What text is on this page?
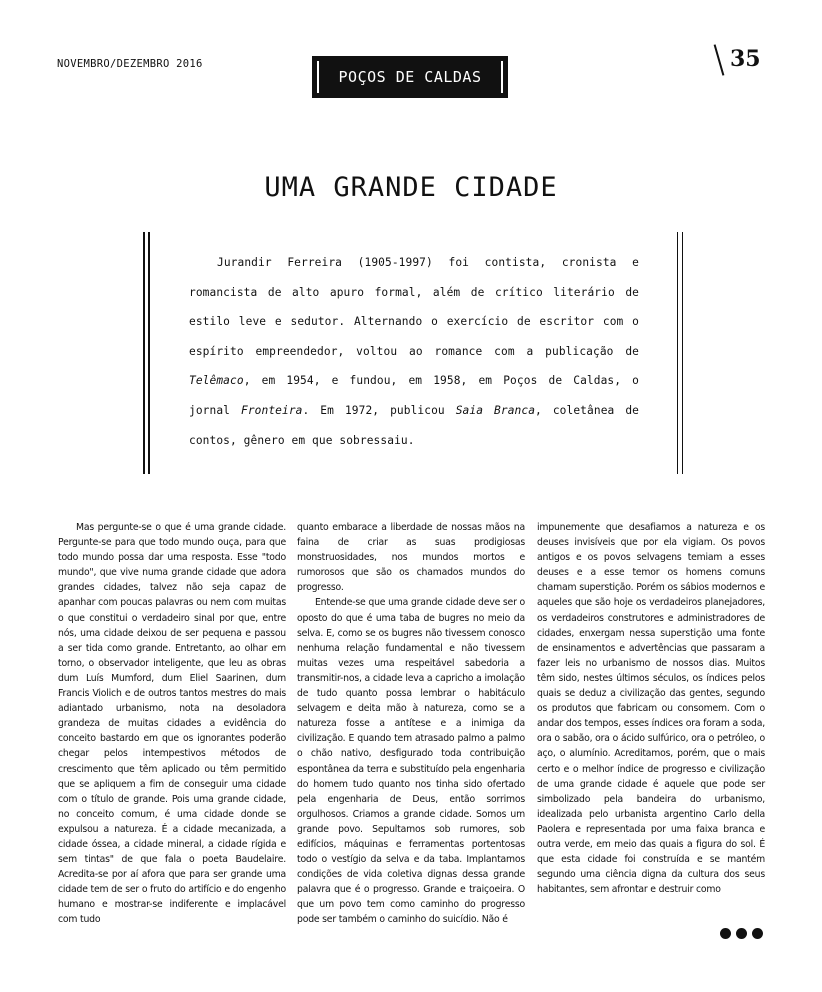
NOVEMBRO/DEZEMBRO 2016
POÇOS DE CALDAS
35
UMA GRANDE CIDADE

Jurandir Ferreira (1905-1997) foi contista, cronista e romancista de alto apuro formal, além de crítico literário de estilo leve e sedutor. Alternando o exercício de escritor com o espírito empreendedor, voltou ao romance com a publicação de Telêmaco, em 1954, e fundou, em 1958, em Poços de Caldas, o jornal Fronteira. Em 1972, publicou Saia Branca, coletânea de contos, gênero em que sobressaiu.

Mas pergunte-se o que é uma grande cidade. Pergunte-se para que todo mundo ouça, para que todo mundo possa dar uma resposta. Esse "todo mundo", que vive numa grande cidade que adora grandes cidades, talvez não seja capaz de apanhar com poucas palavras ou nem com muitas o que constitui o verdadeiro sinal por que, entre nós, uma cidade deixou de ser pequena e passou a ser tida como grande. Entretanto, ao olhar em torno, o observador inteligente, que leu as obras dum Luís Mumford, dum Eliel Saarinen, dum Francis Violich e de outros tantos mestres do mais adiantado urbanismo, nota na desoladora grandeza de muitas cidades a evidência do conceito bastardo em que os ignorantes poderão chegar pelos intempestivos métodos de crescimento que têm aplicado ou têm permitido que se apliquem a fim de conseguir uma cidade com o título de grande. Pois uma grande cidade, no conceito comum, é uma cidade donde se expulsou a natureza. É a cidade mecanizada, a cidade óssea, a cidade mineral, a cidade rígida e sem tintas" de que fala o poeta Baudelaire. Acredita-se por aí afora que para ser grande uma cidade tem de ser o fruto do artifício e do engenho humano e mostrar-se indiferente e implacável com tudo

quanto embarace a liberdade de nossas mãos na faina de criar as suas prodigiosas monstruosidades, nos mundos mortos e rumorosos que são os chamados mundos do progresso.

Entende-se que uma grande cidade deve ser o oposto do que é uma taba de bugres no meio da selva. E, como se os bugres não tivessem conosco nenhuma relação fundamental e não tivessem muitas vezes uma respeitável sabedoria a transmitir-nos, a cidade leva a capricho a imolação de tudo quanto possa lembrar o habitáculo selvagem e deita mão à natureza, como se a natureza fosse a antítese e a inimiga da civilização. E quando tem atrasado palmo a palmo o chão nativo, desfigurado toda contribuição espontânea da terra e substituído pela engenharia do homem tudo quanto nos tinha sido ofertado pela engenharia de Deus, então sorrimos orgulhosos. Criamos a grande cidade. Somos um grande povo. Sepultamos sob rumores, sob edifícios, máquinas e ferramentas portentosas todo o vestígio da selva e da taba. Implantamos condições de vida coletiva dignas dessa grande palavra que é o progresso. Grande e traiçoeira. O que um povo tem como caminho do progresso pode ser também o caminho do suicídio. Não é

impunemente que desafiamos a natureza e os deuses invisíveis que por ela vigiam. Os povos antigos e os povos selvagens temiam a esses deuses e a esse temor os homens comuns chamam superstição. Porém os sábios modernos e aqueles que são hoje os verdadeiros planejadores, os verdadeiros construtores e administradores de cidades, enxergam nessa superstição uma fonte de ensinamentos e advertências que passaram a fazer leis no urbanismo de nossos dias. Muitos têm sido, nestes últimos séculos, os índices pelos quais se deduz a civilização das gentes, segundo os produtos que fabricam ou consomem. Com o andar dos tempos, esses índices ora foram a soda, ora o sabão, ora o ácido sulfúrico, ora o petróleo, o aço, o alumínio. Acreditamos, porém, que o mais certo e o melhor índice de progresso e civilização de uma grande cidade é aquele que pode ser simbolizado pela bandeira do urbanismo, idealizada pelo urbanista argentino Carlo della Paolera e representada por uma faixa branca e outra verde, em meio das quais a figura do sol. É que esta cidade foi construída e se mantém segundo uma ciência digna da cultura dos seus habitantes, sem afrontar e destruir como
